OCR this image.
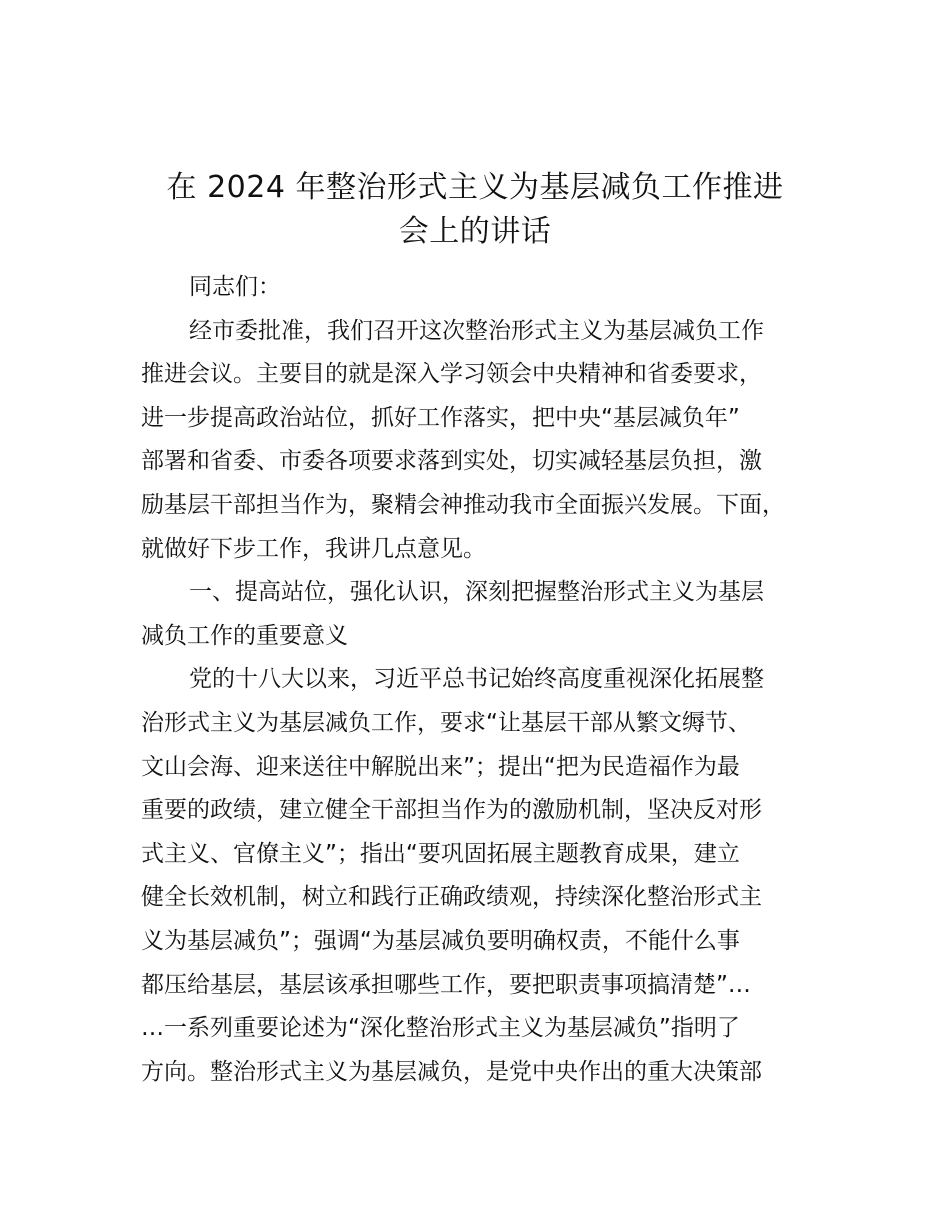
在 2024 年整治形式主义为基层减负工作推进
会上的讲话
同志们：
经市委批准，我们召开这次整治形式主义为基层减负工作
推进会议。主要目的就是深入学习领会中央精神和省委要求，
进一步提高政治站位，抓好工作落实，把中央“基层减负年”
部署和省委、市委各项要求落到实处，切实减轻基层负担，激
励基层干部担当作为，聚精会神推动我市全面振兴发展。下面，
就做好下步工作，我讲几点意见。
一、提高站位，强化认识，深刻把握整治形式主义为基层
减负工作的重要意义
党的十八大以来，习近平总书记始终高度重视深化拓展整
治形式主义为基层减负工作，要求“让基层干部从繁文缛节、
文山会海、迎来送往中解脱出来”；提出“把为民造福作为最
重要的政绩，建立健全干部担当作为的激励机制，坚决反对形
式主义、官僚主义”；指出“要巩固拓展主题教育成果，建立
健全长效机制，树立和践行正确政绩观，持续深化整治形式主
义为基层减负”；强调“为基层减负要明确权责，不能什么事
都压给基层，基层该承担哪些工作，要把职责事项搞清楚”…
…一系列重要论述为“深化整治形式主义为基层减负”指明了
方向。整治形式主义为基层减负，是党中央作出的重大决策部
